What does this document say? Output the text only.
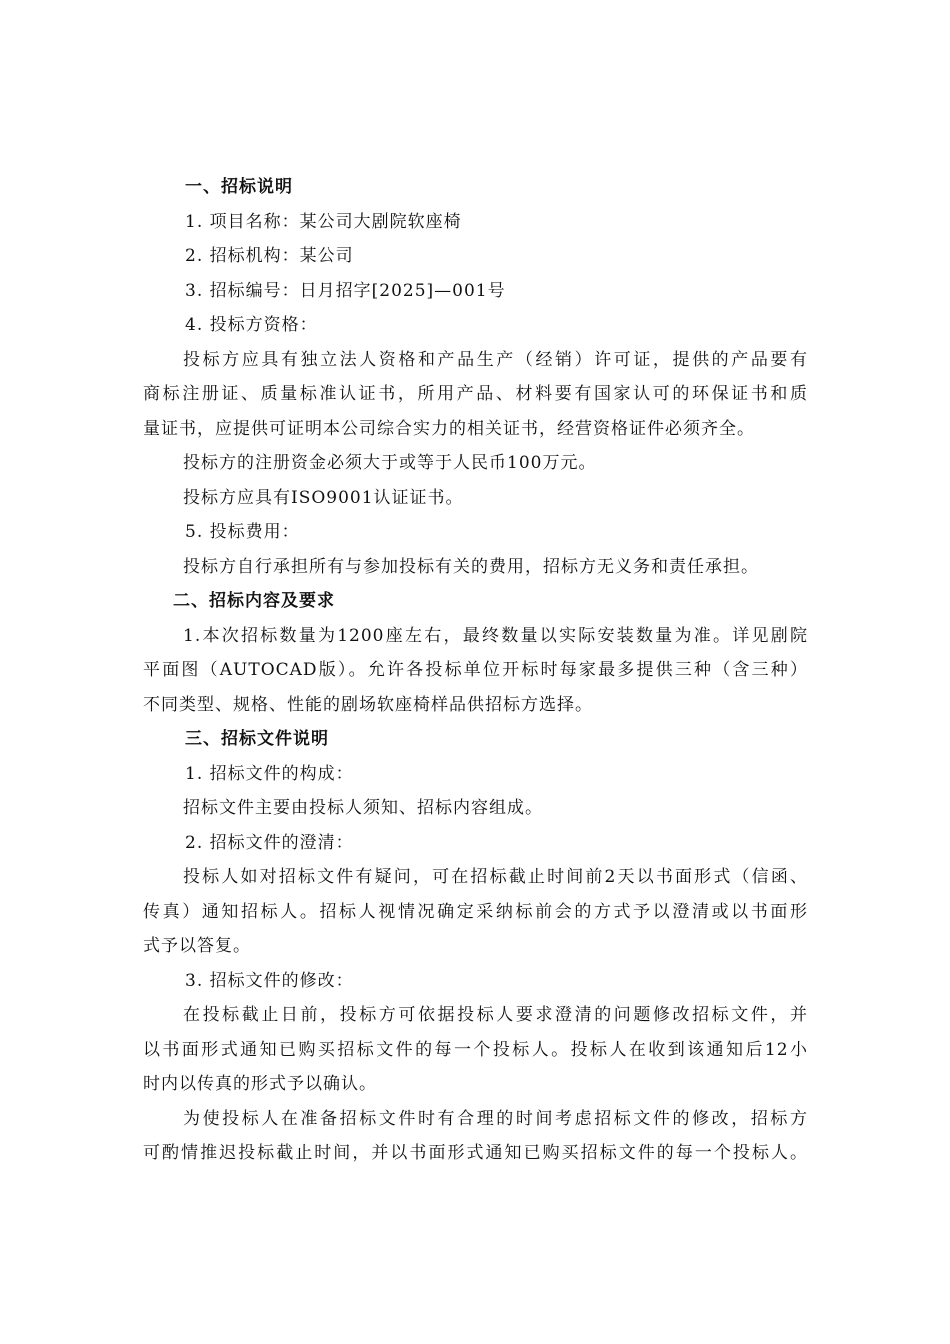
一、招标说明
1. 项目名称：某公司大剧院软座椅
2. 招标机构：某公司
3. 招标编号：日月招字[2025]—001号
4. 投标方资格：
投标方应具有独立法人资格和产品生产（经销）许可证，提供的产品要有
商标注册证、质量标准认证书，所用产品、材料要有国家认可的环保证书和质
量证书，应提供可证明本公司综合实力的相关证书，经营资格证件必须齐全。
投标方的注册资金必须大于或等于人民币100万元。
投标方应具有ISO9001认证证书。
5. 投标费用：
投标方自行承担所有与参加投标有关的费用，招标方无义务和责任承担。
二、招标内容及要求
1.本次招标数量为1200座左右，最终数量以实际安装数量为准。详见剧院
平面图（AUTOCAD版）。允许各投标单位开标时每家最多提供三种（含三种）
不同类型、规格、性能的剧场软座椅样品供招标方选择。
三、招标文件说明
1. 招标文件的构成：
招标文件主要由投标人须知、招标内容组成。
2. 招标文件的澄清：
投标人如对招标文件有疑问，可在招标截止时间前2天以书面形式（信函、
传真）通知招标人。招标人视情况确定采纳标前会的方式予以澄清或以书面形
式予以答复。
3. 招标文件的修改：
在投标截止日前，投标方可依据投标人要求澄清的问题修改招标文件，并
以书面形式通知已购买招标文件的每一个投标人。投标人在收到该通知后12小
时内以传真的形式予以确认。
为使投标人在准备招标文件时有合理的时间考虑招标文件的修改，招标方
可酌情推迟投标截止时间，并以书面形式通知已购买招标文件的每一个投标人。
